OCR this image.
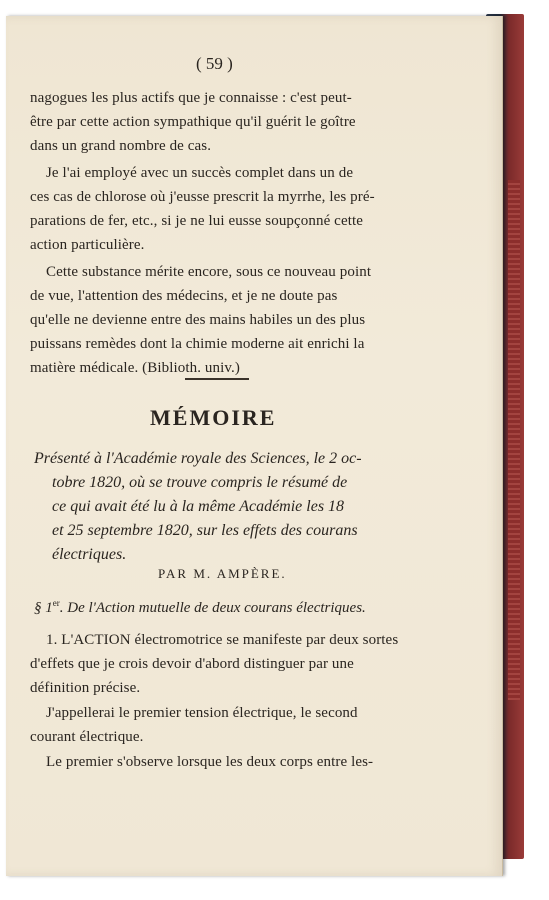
( 59 )
nagogues les plus actifs que je connaisse : c'est peut-
être par cette action sympathique qu'il guérit le goître
dans un grand nombre de cas.
Je l'ai employé avec un succès complet dans un de
ces cas de chlorose où j'eusse prescrit la myrrhe, les pré-
parations de fer, etc., si je ne lui eusse soupçonné cette
action particulière.
Cette substance mérite encore, sous ce nouveau point
de vue, l'attention des médecins, et je ne doute pas
qu'elle ne devienne entre des mains habiles un des plus
puissans remèdes dont la chimie moderne ait enrichi la
matière médicale. (Biblioth. univ.)
MÉMOIRE
Présenté à l'Académie royale des Sciences, le 2 oc-
tobre 1820, où se trouve compris le résumé de
ce qui avait été lu à la même Académie les 18
et 25 septembre 1820, sur les effets des courans
électriques.
PAR M. AMPÈRE.
§ 1er. De l'Action mutuelle de deux courans électriques.
1. L'ACTION électromotrice se manifeste par deux sortes
d'effets que je crois devoir d'abord distinguer par une
définition précise.
J'appellerai le premier tension électrique, le second
courant électrique.
Le premier s'observe lorsque les deux corps entre les-
